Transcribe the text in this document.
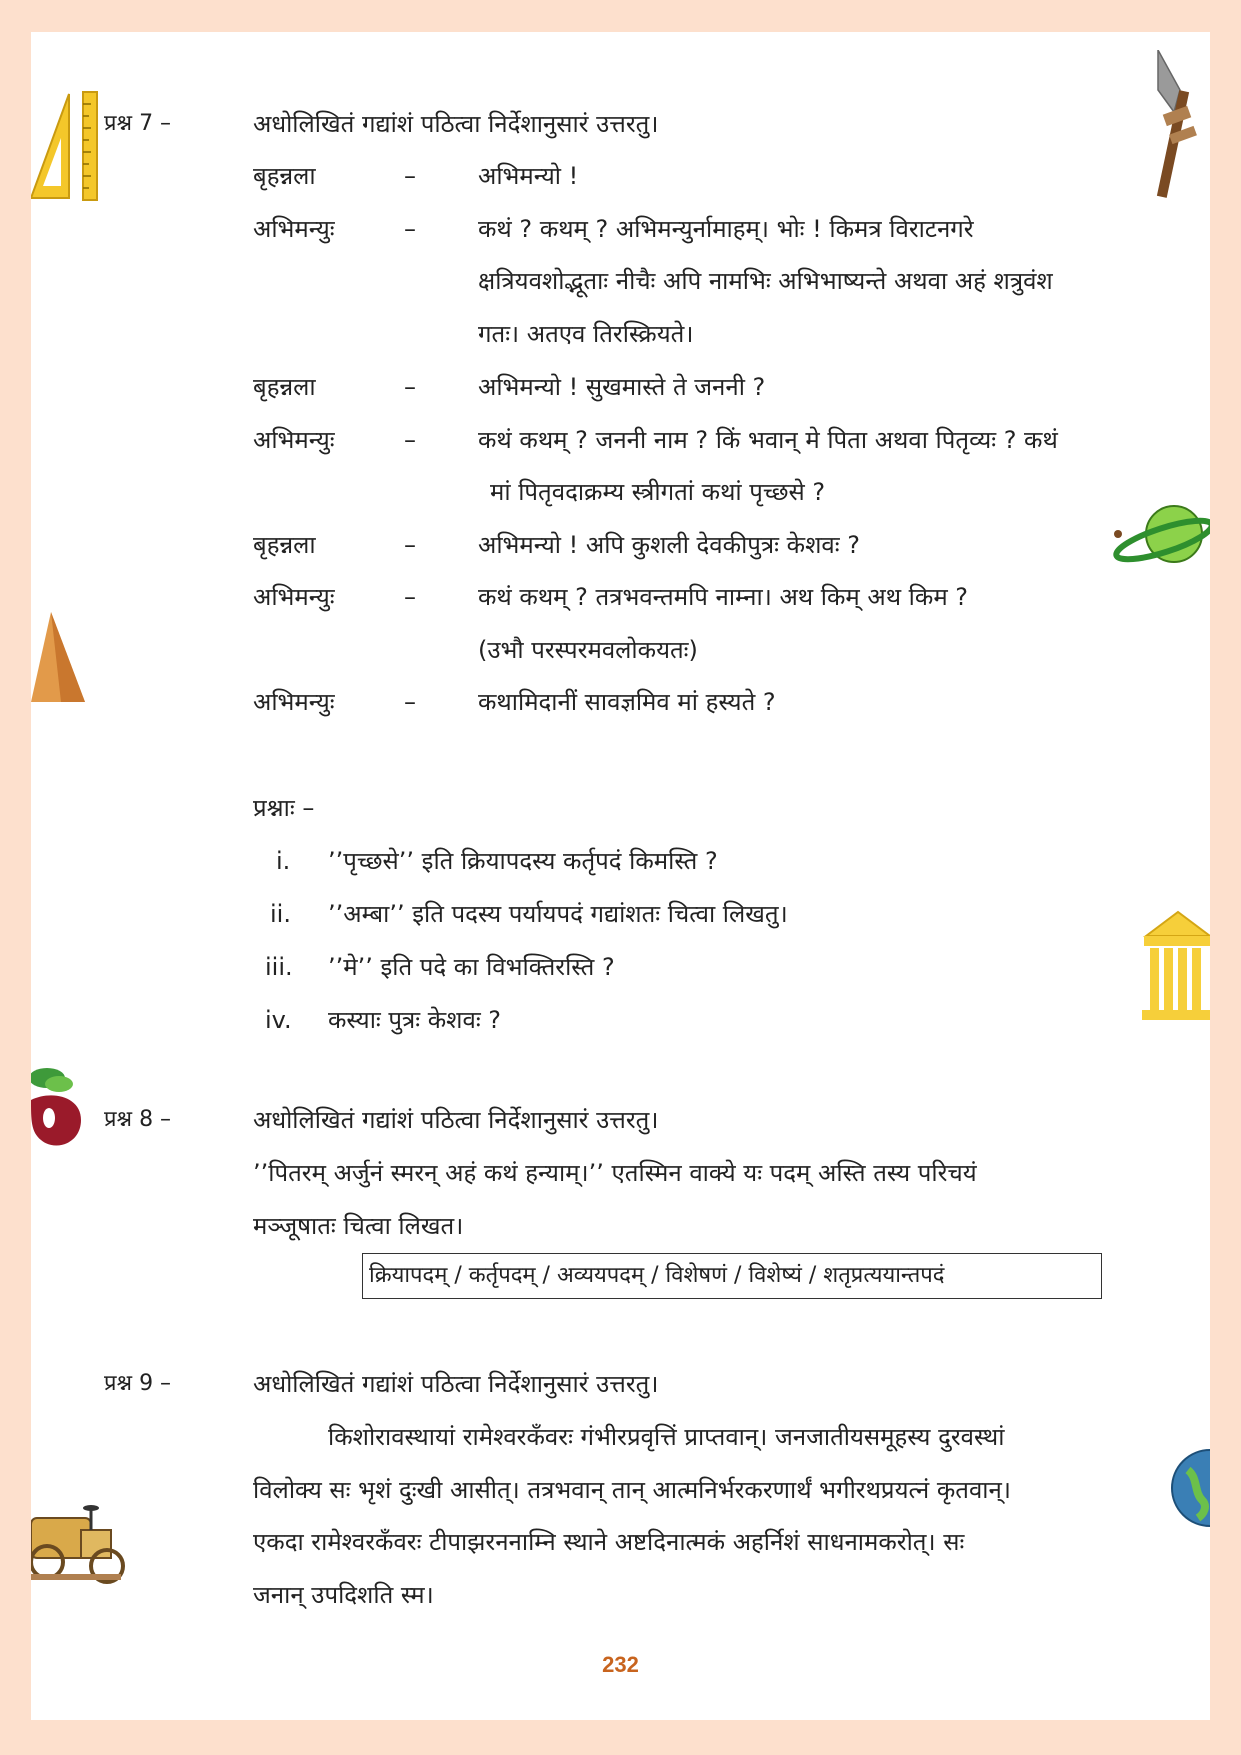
प्रश्न 7 –	अधोलिखितं गद्यांशं पठित्वा निर्देशानुसारं उत्तरतु।
बृहन्नला	–	अभिमन्यो !
अभिमन्युः	–	कथं ? कथम् ? अभिमन्युर्नामाहम्। भोः ! किमत्र विराटनगरे
क्षत्रियवशोद्भूताः नीचैः अपि नामभिः अभिभाष्यन्ते अथवा अहं शत्रुवंश
गतः। अतएव तिरस्क्रियते।
बृहन्नला	–	अभिमन्यो ! सुखमास्ते ते जननी ?
अभिमन्युः	–	कथं कथम् ? जननी नाम ? किं भवान् मे पिता अथवा पितृव्यः ? कथं
मां पितृवदाक्रम्य स्त्रीगतां कथां पृच्छसे ?
बृहन्नला	–	अभिमन्यो ! अपि कुशली देवकीपुत्रः केशवः ?
अभिमन्युः	–	कथं कथम् ? तत्रभवन्तमपि नाम्ना। अथ किम् अथ किम ?
(उभौ परस्परमवलोकयतः)
अभिमन्युः	–	कथामिदानीं सावज्ञमिव मां हस्यते ?
प्रश्नाः –
i. ’’पृच्छसे’’ इति क्रियापदस्य कर्तृपदं किमस्ति ?
ii. ’’अम्बा’’ इति पदस्य पर्यायपदं गद्यांशतः चित्वा लिखतु।
iii. ’’मे’’ इति पदे का विभक्तिरस्ति ?
iv. कस्याः पुत्रः केशवः ?
प्रश्न 8 –	अधोलिखितं गद्यांशं पठित्वा निर्देशानुसारं उत्तरतु।
’’पितरम् अर्जुनं स्मरन् अहं कथं हन्याम्।’’ एतस्मिन वाक्ये यः पदम् अस्ति तस्य परिचयं
मञ्जूषातः चित्वा लिखत।
क्रियापदम् / कर्तृपदम् / अव्ययपदम् / विशेषणं / विशेष्यं / शतृप्रत्ययान्तपदं
प्रश्न 9 –	अधोलिखितं गद्यांशं पठित्वा निर्देशानुसारं उत्तरतु।
किशोरावस्थायां रामेश्वरकँवरः गंभीरप्रवृत्तिं प्राप्तवान्। जनजातीयसमूहस्य दुरवस्थां
विलोक्य सः भृशं दुःखी आसीत्। तत्रभवान् तान् आत्मनिर्भरकरणार्थं भगीरथप्रयत्नं कृतवान्।
एकदा रामेश्वरकँवरः टीपाझरननाम्नि स्थाने अष्टदिनात्मकं अहर्निशं साधनामकरोत्। सः
जनान् उपदिशति स्म।
232
